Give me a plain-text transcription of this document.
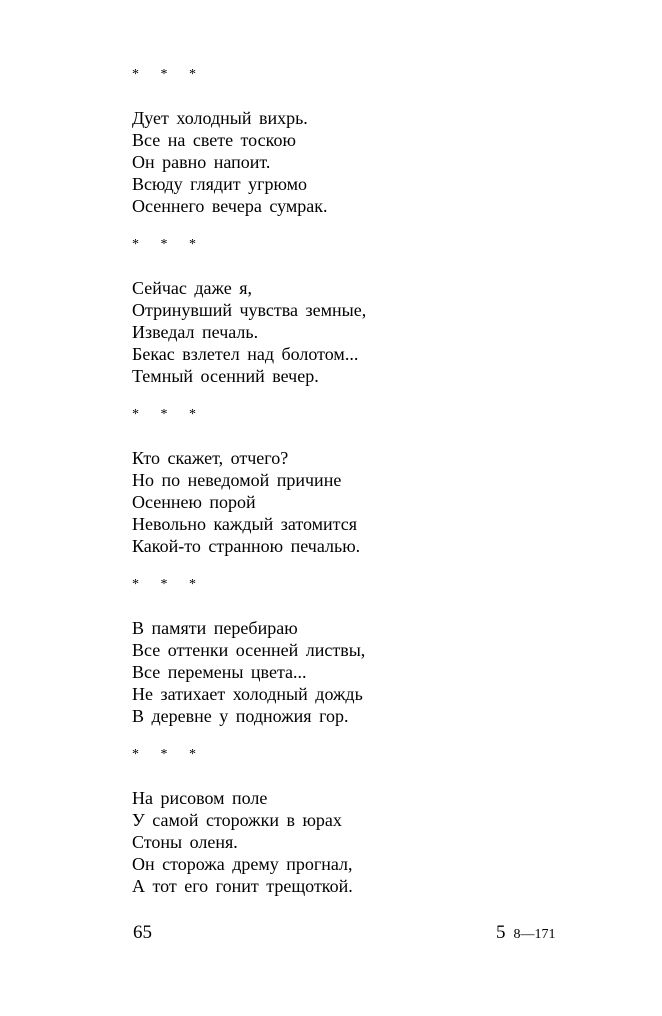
* * *
Дует холодный вихрь.
Все на свете тоскою
Он равно напоит.
Всюду глядит угрюмо
Осеннего вечера сумрак.
* * *
Сейчас даже я,
Отринувший чувства земные,
Изведал печаль.
Бекас взлетел над болотом...
Темный осенний вечер.
* * *
Кто скажет, отчего?
Но по неведомой причине
Осеннею порой
Невольно каждый затомится
Какой-то странною печалью.
* * *
В памяти перебираю
Все оттенки осенней листвы,
Все перемены цвета...
Не затихает холодный дождь
В деревне у подножия гор.
* * *
На рисовом поле
У самой сторожки в юрах
Стоны оленя.
Он сторожа дрему прогнал,
А тот его гонит трещоткой.
65	5 8—171
